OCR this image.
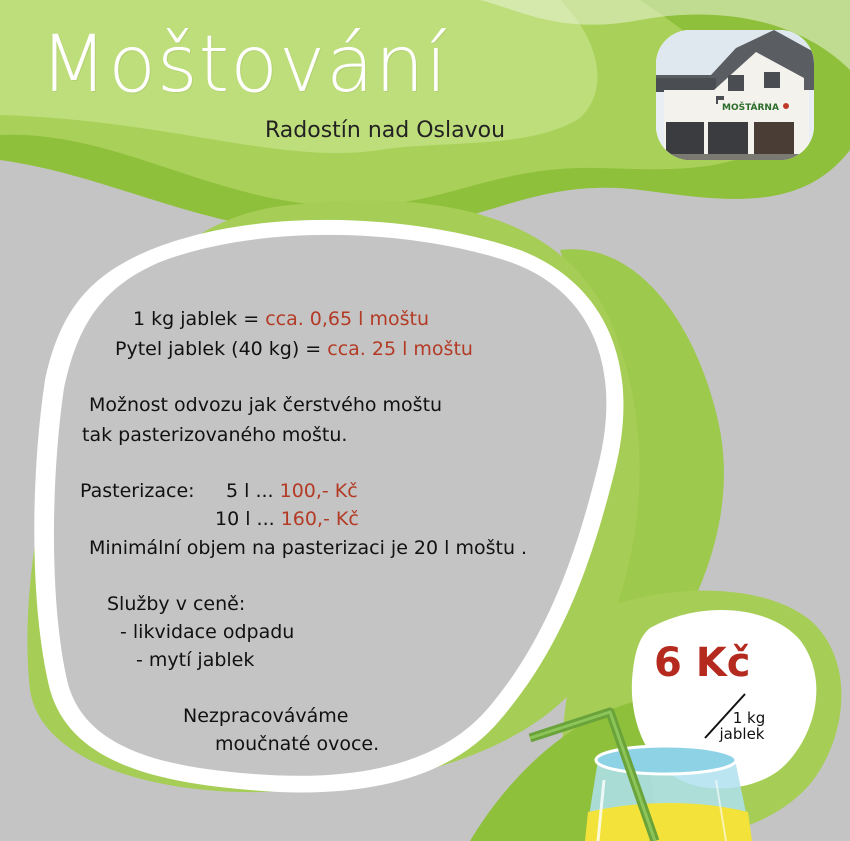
Moštování
Radostín nad Oslavou
MOŠTÁRNA
1 kg jablek = cca. 0,65 l moštu
Pytel jablek (40 kg) = cca. 25 l moštu
Možnost odvozu jak čerstvého moštu
tak pasterizovaného moštu.
Pasterizace: 5 l ... 100,- Kč
10 l ... 160,- Kč
Minimální objem na pasterizaci je 20 l moštu .
Služby v ceně:
- likvidace odpadu
- mytí jablek
Nezpracováváme
moučnaté ovoce.
6 Kč
1 kg
jablek
